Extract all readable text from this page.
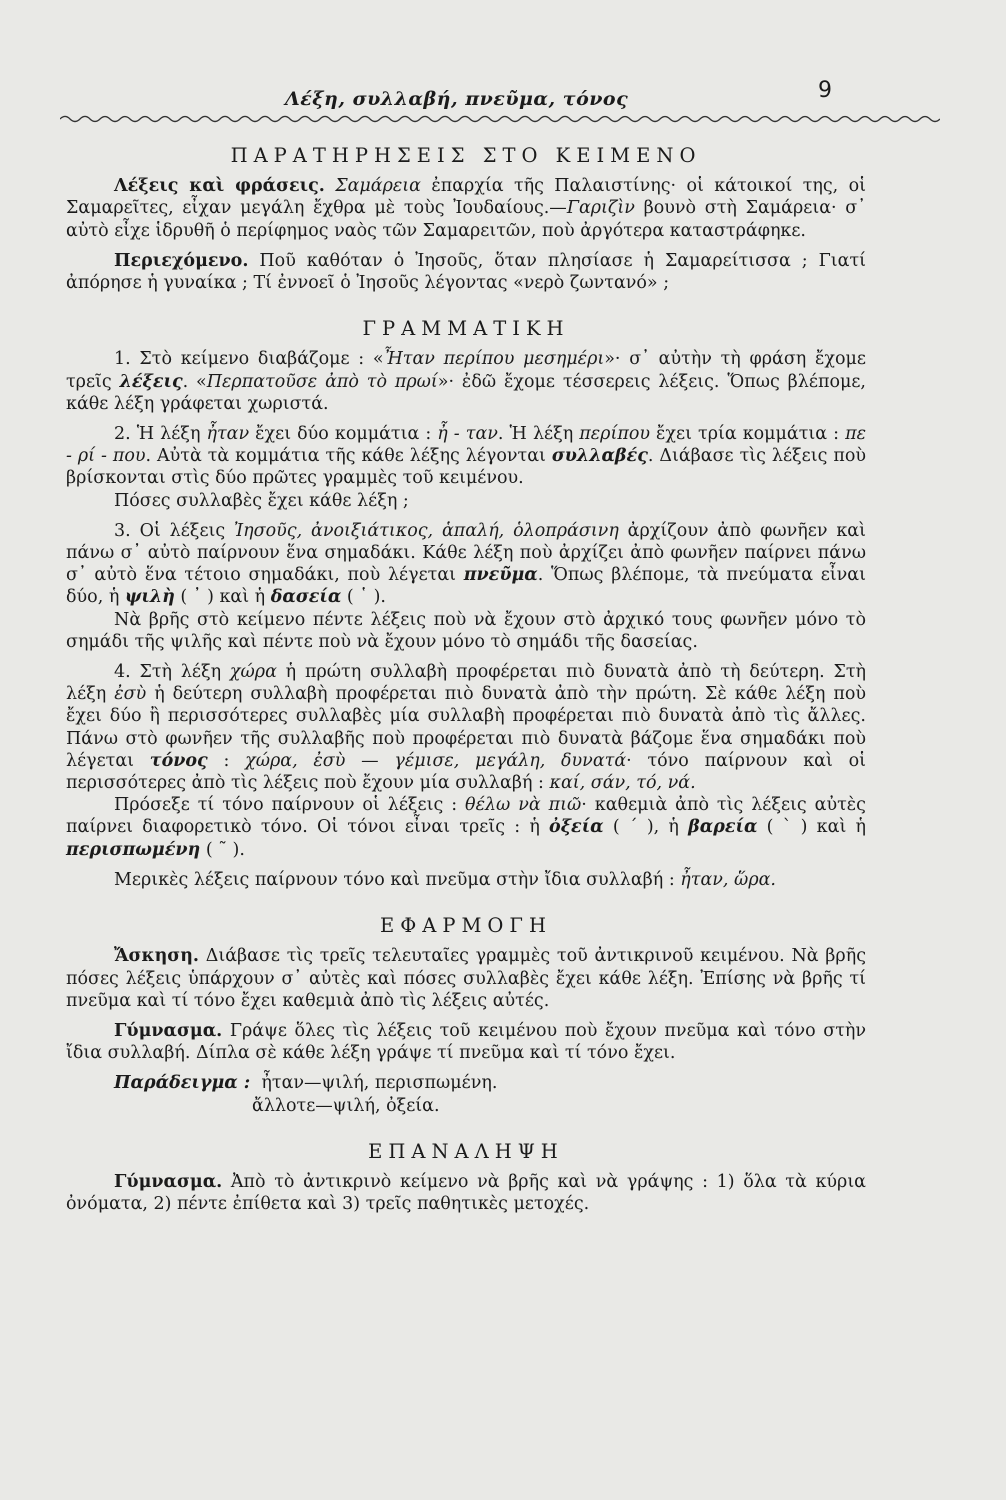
Λέξη, συλλαβή, πνεῦμα, τόνος	9

ΠΑΡΑΤΗΡΗΣΕΙΣ ΣΤΟ ΚΕΙΜΕΝΟ

Λέξεις καὶ φράσεις. Σαμάρεια ἐπαρχία τῆς Παλαιστίνης· οἱ κάτοικοί της, οἱ Σαμαρεῖτες, εἶχαν μεγάλη ἔχθρα μὲ τοὺς Ἰουδαίους.—Γαριζὶν βουνὸ στὴ Σαμάρεια· σ᾽ αὐτὸ εἶχε ἱδρυθῆ ὁ περίφημος ναὸς τῶν Σαμαρειτῶν, ποὺ ἀργότερα καταστράφηκε.

Περιεχόμενο. Ποῦ καθόταν ὁ Ἰησοῦς, ὅταν πλησίασε ἡ Σαμαρείτισσα ; Γιατί ἀπόρησε ἡ γυναίκα ; Τί ἐννοεῖ ὁ Ἰησοῦς λέγοντας «νερὸ ζωντανό» ;

ΓΡΑΜΜΑΤΙΚΗ

1. Στὸ κείμενο διαβάζομε : «Ἦταν περίπου μεσημέρι»· σ᾽ αὐτὴν τὴ φράση ἔχομε τρεῖς λέξεις. «Περπατοῦσε ἀπὸ τὸ πρωί»· ἐδῶ ἔχομε τέσσερεις λέξεις. Ὅπως βλέπομε, κάθε λέξη γράφεται χωριστά.

2. Ἡ λέξη ἦταν ἔχει δύο κομμάτια : ἦ - ταν. Ἡ λέξη περίπου ἔχει τρία κομμάτια : πε - ρί - που. Αὐτὰ τὰ κομμάτια τῆς κάθε λέξης λέγονται συλλαβές. Διάβασε τὶς λέξεις ποὺ βρίσκονται στὶς δύο πρῶτες γραμμὲς τοῦ κειμένου.

Πόσες συλλαβὲς ἔχει κάθε λέξη ;

3. Οἱ λέξεις Ἰησοῦς, ἀνοιξιάτικος, ἁπαλή, ὁλοπράσινη ἀρχίζουν ἀπὸ φωνῆεν καὶ πάνω σ᾽ αὐτὸ παίρνουν ἕνα σημαδάκι. Κάθε λέξη ποὺ ἀρχίζει ἀπὸ φωνῆεν παίρνει πάνω σ᾽ αὐτὸ ἕνα τέτοιο σημαδάκι, ποὺ λέγεται πνεῦμα. Ὅπως βλέπομε, τὰ πνεύματα εἶναι δύο, ἡ ψιλὴ ( ᾽ ) καὶ ἡ δασεία ( ῾ ).

Νὰ βρῆς στὸ κείμενο πέντε λέξεις ποὺ νὰ ἔχουν στὸ ἀρχικό τους φωνῆεν μόνο τὸ σημάδι τῆς ψιλῆς καὶ πέντε ποὺ νὰ ἔχουν μόνο τὸ σημάδι τῆς δασείας.

4. Στὴ λέξη χώρα ἡ πρώτη συλλαβὴ προφέρεται πιὸ δυνατὰ ἀπὸ τὴ δεύτερη. Στὴ λέξη ἐσὺ ἡ δεύτερη συλλαβὴ προφέρεται πιὸ δυνατὰ ἀπὸ τὴν πρώτη. Σὲ κάθε λέξη ποὺ ἔχει δύο ἢ περισσότερες συλλαβὲς μία συλλαβὴ προφέρεται πιὸ δυνατὰ ἀπὸ τὶς ἄλλες. Πάνω στὸ φωνῆεν τῆς συλλαβῆς ποὺ προφέρεται πιὸ δυνατὰ βάζομε ἕνα σημαδάκι ποὺ λέγεται τόνος : χώρα, ἐσὺ — γέμισε, μεγάλη, δυνατά· τόνο παίρνουν καὶ οἱ περισσότερες ἀπὸ τὶς λέξεις ποὺ ἔχουν μία συλλαβή : καί, σάν, τό, νά.

Πρόσεξε τί τόνο παίρνουν οἱ λέξεις : θέλω νὰ πιῶ· καθεμιὰ ἀπὸ τὶς λέξεις αὐτὲς παίρνει διαφορετικὸ τόνο. Οἱ τόνοι εἶναι τρεῖς : ἡ ὀξεία ( ΄ ), ἡ βαρεία ( ` ) καὶ ἡ περισπωμένη ( ῀ ).

Μερικὲς λέξεις παίρνουν τόνο καὶ πνεῦμα στὴν ἴδια συλλαβή : ἦταν, ὥρα.

ΕΦΑΡΜΟΓΗ

Ἄσκηση. Διάβασε τὶς τρεῖς τελευταῖες γραμμὲς τοῦ ἀντικρινοῦ κειμένου. Νὰ βρῆς πόσες λέξεις ὑπάρχουν σ᾽ αὐτὲς καὶ πόσες συλλαβὲς ἔχει κάθε λέξη. Ἐπίσης νὰ βρῆς τί πνεῦμα καὶ τί τόνο ἔχει καθεμιὰ ἀπὸ τὶς λέξεις αὐτές.

Γύμνασμα. Γράψε ὅλες τὶς λέξεις τοῦ κειμένου ποὺ ἔχουν πνεῦμα καὶ τόνο στὴν ἴδια συλλαβή. Δίπλα σὲ κάθε λέξη γράψε τί πνεῦμα καὶ τί τόνο ἔχει.

Παράδειγμα : ἦταν—ψιλή, περισπωμένη.

ἄλλοτε—ψιλή, ὀξεία.

ΕΠΑΝΑΛΗΨΗ

Γύμνασμα. Ἀπὸ τὸ ἀντικρινὸ κείμενο νὰ βρῆς καὶ νὰ γράψης : 1) ὅλα τὰ κύρια ὀνόματα, 2) πέντε ἐπίθετα καὶ 3) τρεῖς παθητικὲς μετοχές.
